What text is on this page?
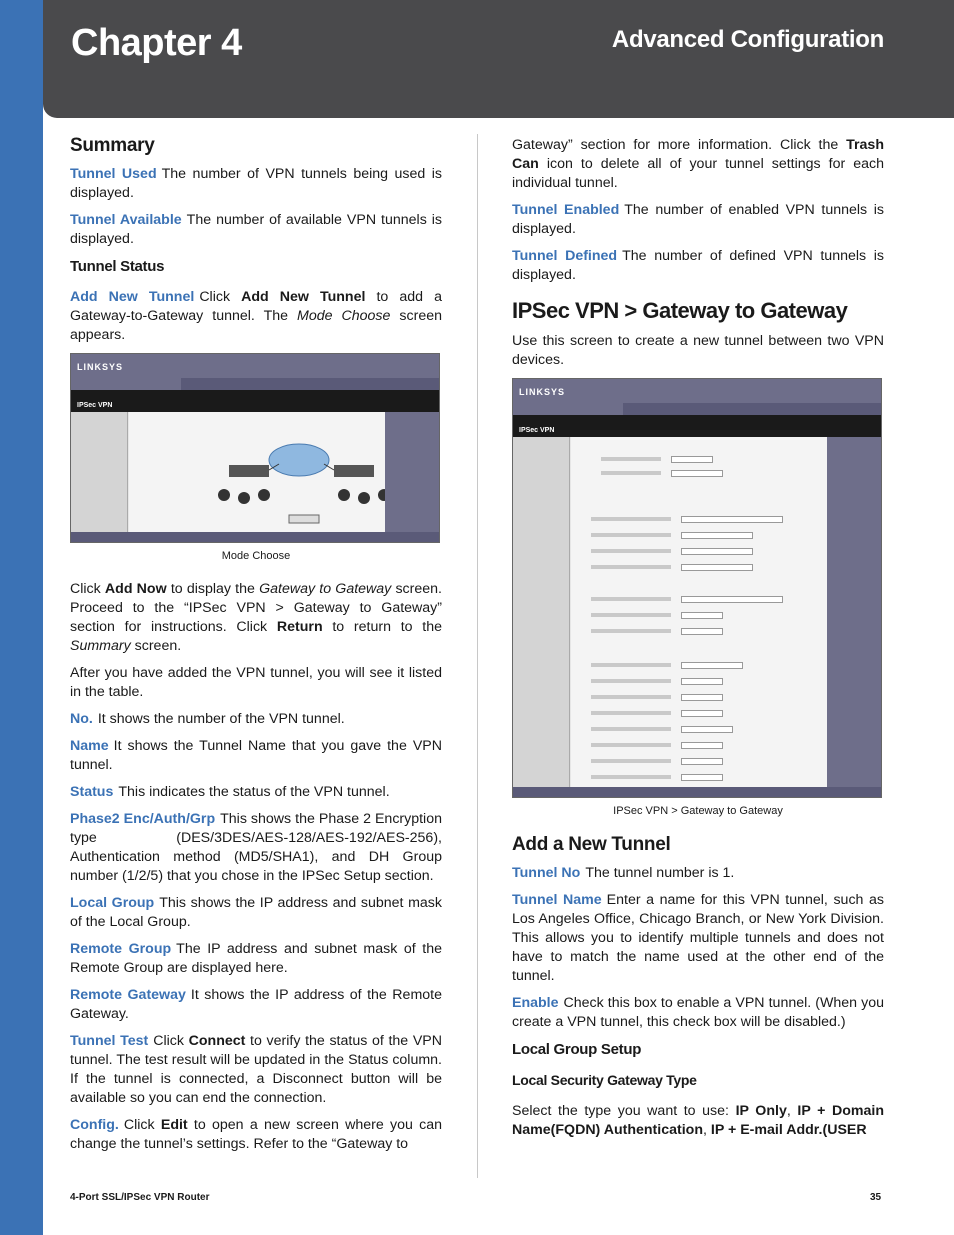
Chapter 4	Advanced Configuration
Summary

Tunnel Used The number of VPN tunnels being used is displayed.

Tunnel Available The number of available VPN tunnels is displayed.

Tunnel Status

Add New Tunnel Click Add New Tunnel to add a Gateway-to-Gateway tunnel. The Mode Choose screen appears.

LINKSYS
IPSec VPN
Mode Choose

Click Add Now to display the Gateway to Gateway screen. Proceed to the “IPSec VPN > Gateway to Gateway” section for instructions. Click Return to return to the Summary screen.

After you have added the VPN tunnel, you will see it listed in the table.

No. It shows the number of the VPN tunnel.

Name It shows the Tunnel Name that you gave the VPN tunnel.

Status This indicates the status of the VPN tunnel.

Phase2 Enc/Auth/Grp This shows the Phase 2 Encryption type (DES/3DES/AES-128/AES-192/AES-256), Authentication method (MD5/SHA1), and DH Group number (1/2/5) that you chose in the IPSec Setup section.

Local Group This shows the IP address and subnet mask of the Local Group.

Remote Group The IP address and subnet mask of the Remote Group are displayed here.

Remote Gateway It shows the IP address of the Remote Gateway.

Tunnel Test Click Connect to verify the status of the VPN tunnel. The test result will be updated in the Status column. If the tunnel is connected, a Disconnect button will be available so you can end the connection.

Config. Click Edit to open a new screen where you can change the tunnel’s settings. Refer to the “Gateway to

Gateway” section for more information. Click the Trash Can icon to delete all of your tunnel settings for each individual tunnel.

Tunnel Enabled The number of enabled VPN tunnels is displayed.

Tunnel Defined The number of defined VPN tunnels is displayed.

IPSec VPN > Gateway to Gateway

Use this screen to create a new tunnel between two VPN devices.

LINKSYS
IPSec VPN
IPSec VPN > Gateway to Gateway
Add a New Tunnel

Tunnel No The tunnel number is 1.

Tunnel Name Enter a name for this VPN tunnel, such as Los Angeles Office, Chicago Branch, or New York Division. This allows you to identify multiple tunnels and does not have to match the name used at the other end of the tunnel.

Enable Check this box to enable a VPN tunnel. (When you create a VPN tunnel, this check box will be disabled.)

Local Group Setup
Local Security Gateway Type

Select the type you want to use: IP Only, IP + Domain Name(FQDN) Authentication, IP + E-mail Addr.(USER

4-Port SSL/IPSec VPN Router	35
